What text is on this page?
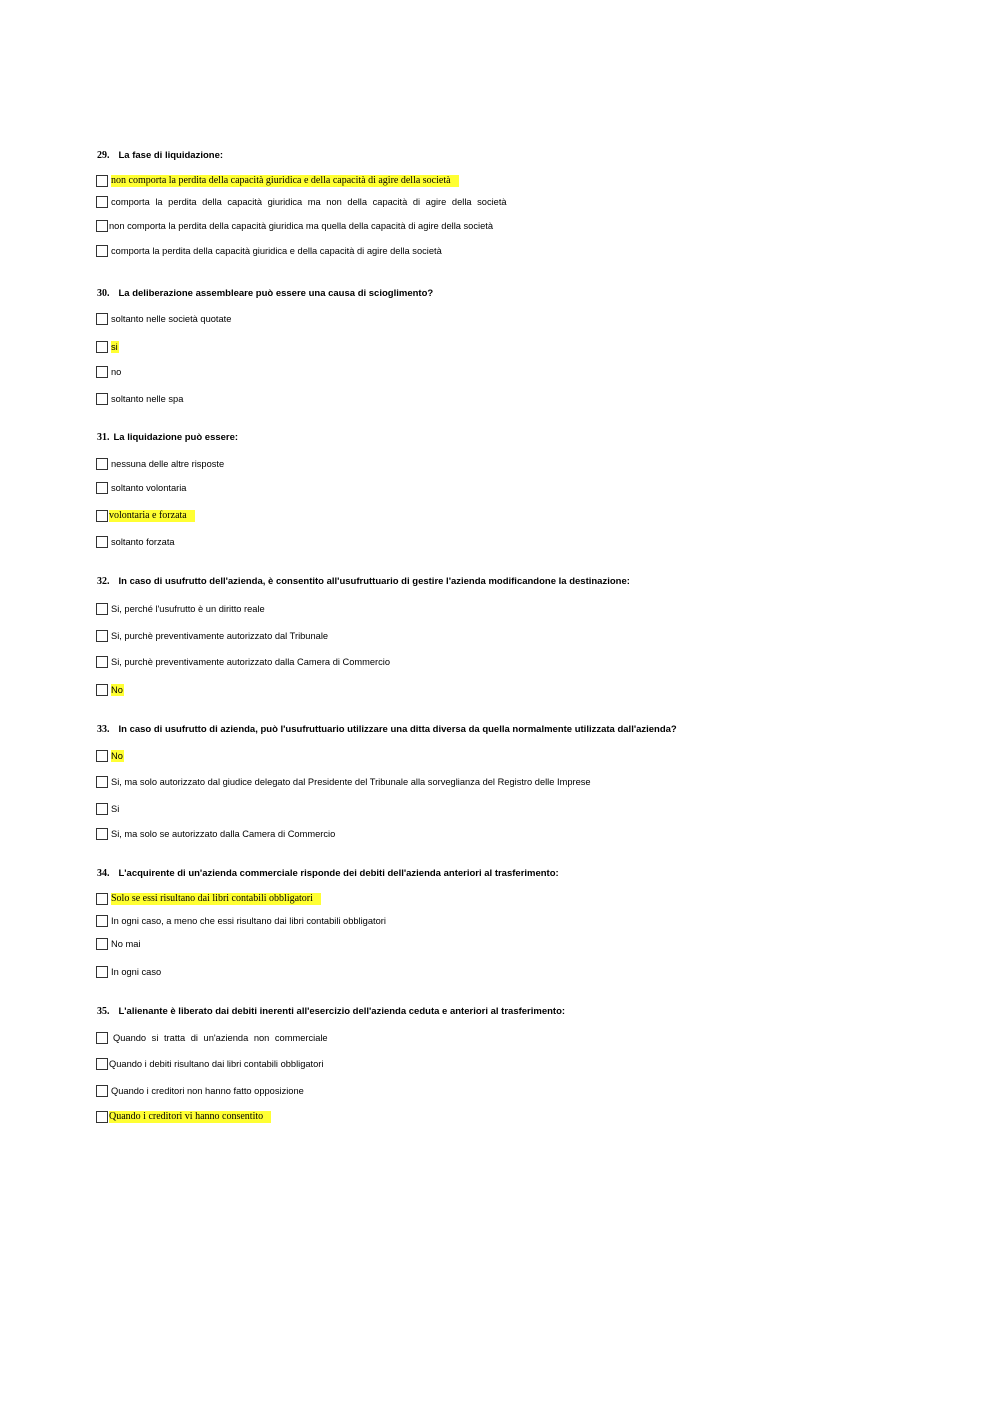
29. La fase di liquidazione:
non comporta la perdita della capacità giuridica e della capacità di agire della società
comporta la perdita della capacità giuridica ma non della capacità di agire della società
non comporta la perdita della capacità giuridica ma quella della capacità di agire della società
comporta la perdita della capacità giuridica e della capacità di agire della società
30. La deliberazione assembleare può essere una causa di scioglimento?
soltanto nelle società quotate
si
no
soltanto nelle spa
31. La liquidazione può essere:
nessuna delle altre risposte
soltanto volontaria
volontaria e forzata
soltanto forzata
32. In caso di usufrutto dell'azienda, è consentito all'usufruttuario di gestire l'azienda modificandone la destinazione:
Si, perché l'usufrutto è un diritto reale
Si, purchè preventivamente autorizzato dal Tribunale
Si, purchè preventivamente autorizzato dalla Camera di Commercio
No
33. In caso di usufrutto di azienda, può l'usufruttuario utilizzare una ditta diversa da quella normalmente utilizzata dall'azienda?
No
Si, ma solo autorizzato dal giudice delegato dal Presidente del Tribunale alla sorveglianza del Registro delle Imprese
Si
Si, ma solo se autorizzato dalla Camera di Commercio
34. L'acquirente di un'azienda commerciale risponde dei debiti dell'azienda anteriori al trasferimento:
Solo se essi risultano dai libri contabili obbligatori
In ogni caso, a meno che essi risultano dai libri contabili obbligatori
No mai
In ogni caso
35. L'alienante è liberato dai debiti inerenti all'esercizio dell'azienda ceduta e anteriori al trasferimento:
Quando si tratta di un'azienda non commerciale
Quando i debiti risultano dai libri contabili obbligatori
Quando i creditori non hanno fatto opposizione
Quando i creditori vi hanno consentito
